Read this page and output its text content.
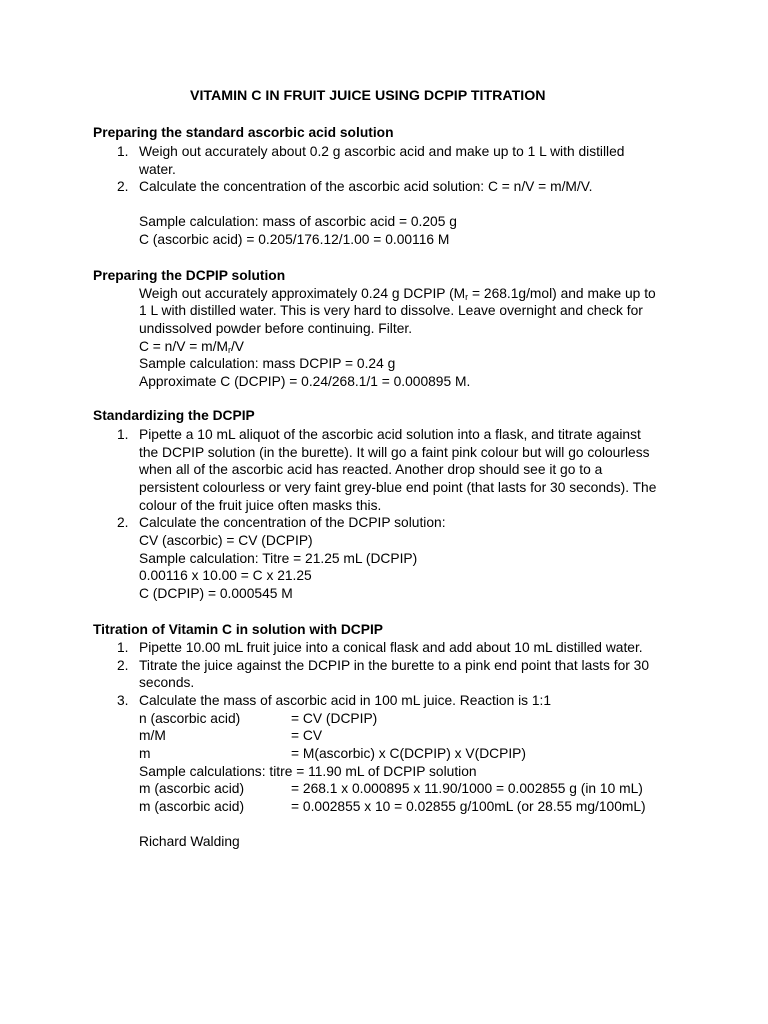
VITAMIN C IN FRUIT JUICE USING DCPIP TITRATION
Preparing the standard ascorbic acid solution
1. Weigh out accurately about 0.2 g ascorbic acid and make up to 1 L with distilled
water.
2. Calculate the concentration of the ascorbic acid solution: C = n/V = m/M/V.
Sample calculation: mass of ascorbic acid = 0.205 g
C (ascorbic acid) = 0.205/176.12/1.00 = 0.00116 M
Preparing the DCPIP solution
Weigh out accurately approximately 0.24 g DCPIP $(M_r = 268.1g/mol)$ and make up to
1 L with distilled water. This is very hard to dissolve. Leave overnight and check for
undissolved powder before continuing. Filter.
$C = n/V = m/M_r/V$
Sample calculation: mass DCPIP = 0.24 g
Approximate C (DCPIP) = 0.24/268.1/1 = 0.000895 M.
Standardizing the DCPIP
1. Pipette a 10 mL aliquot of the ascorbic acid solution into a flask, and titrate against
the DCPIP solution (in the burette). It will go a faint pink colour but will go colourless
when all of the ascorbic acid has reacted. Another drop should see it go to a
persistent colourless or very faint grey-blue end point (that lasts for 30 seconds). The
colour of the fruit juice often masks this.
2. Calculate the concentration of the DCPIP solution:
CV (ascorbic) = CV (DCPIP)
Sample calculation: Titre = 21.25 mL (DCPIP)
0.00116 x 10.00 = C x 21.25
C (DCPIP) = 0.000545 M
Titration of Vitamin C in solution with DCPIP
1. Pipette 10.00 mL fruit juice into a conical flask and add about 10 mL distilled water.
2. Titrate the juice against the DCPIP in the burette to a pink end point that lasts for 30
seconds.
3. Calculate the mass of ascorbic acid in 100 mL juice. Reaction is 1:1
n (ascorbic acid)	= CV (DCPIP)
m/M	= CV
m	= M(ascorbic) x C(DCPIP) x V(DCPIP)
Sample calculations: titre = 11.90 mL of DCPIP solution
m (ascorbic acid)	= 268.1 x 0.000895 x 11.90/1000 = 0.002855 g (in 10 mL)
m (ascorbic acid)	= 0.002855 x 10 = 0.02855 g/100mL (or 28.55 mg/100mL)
Richard Walding
